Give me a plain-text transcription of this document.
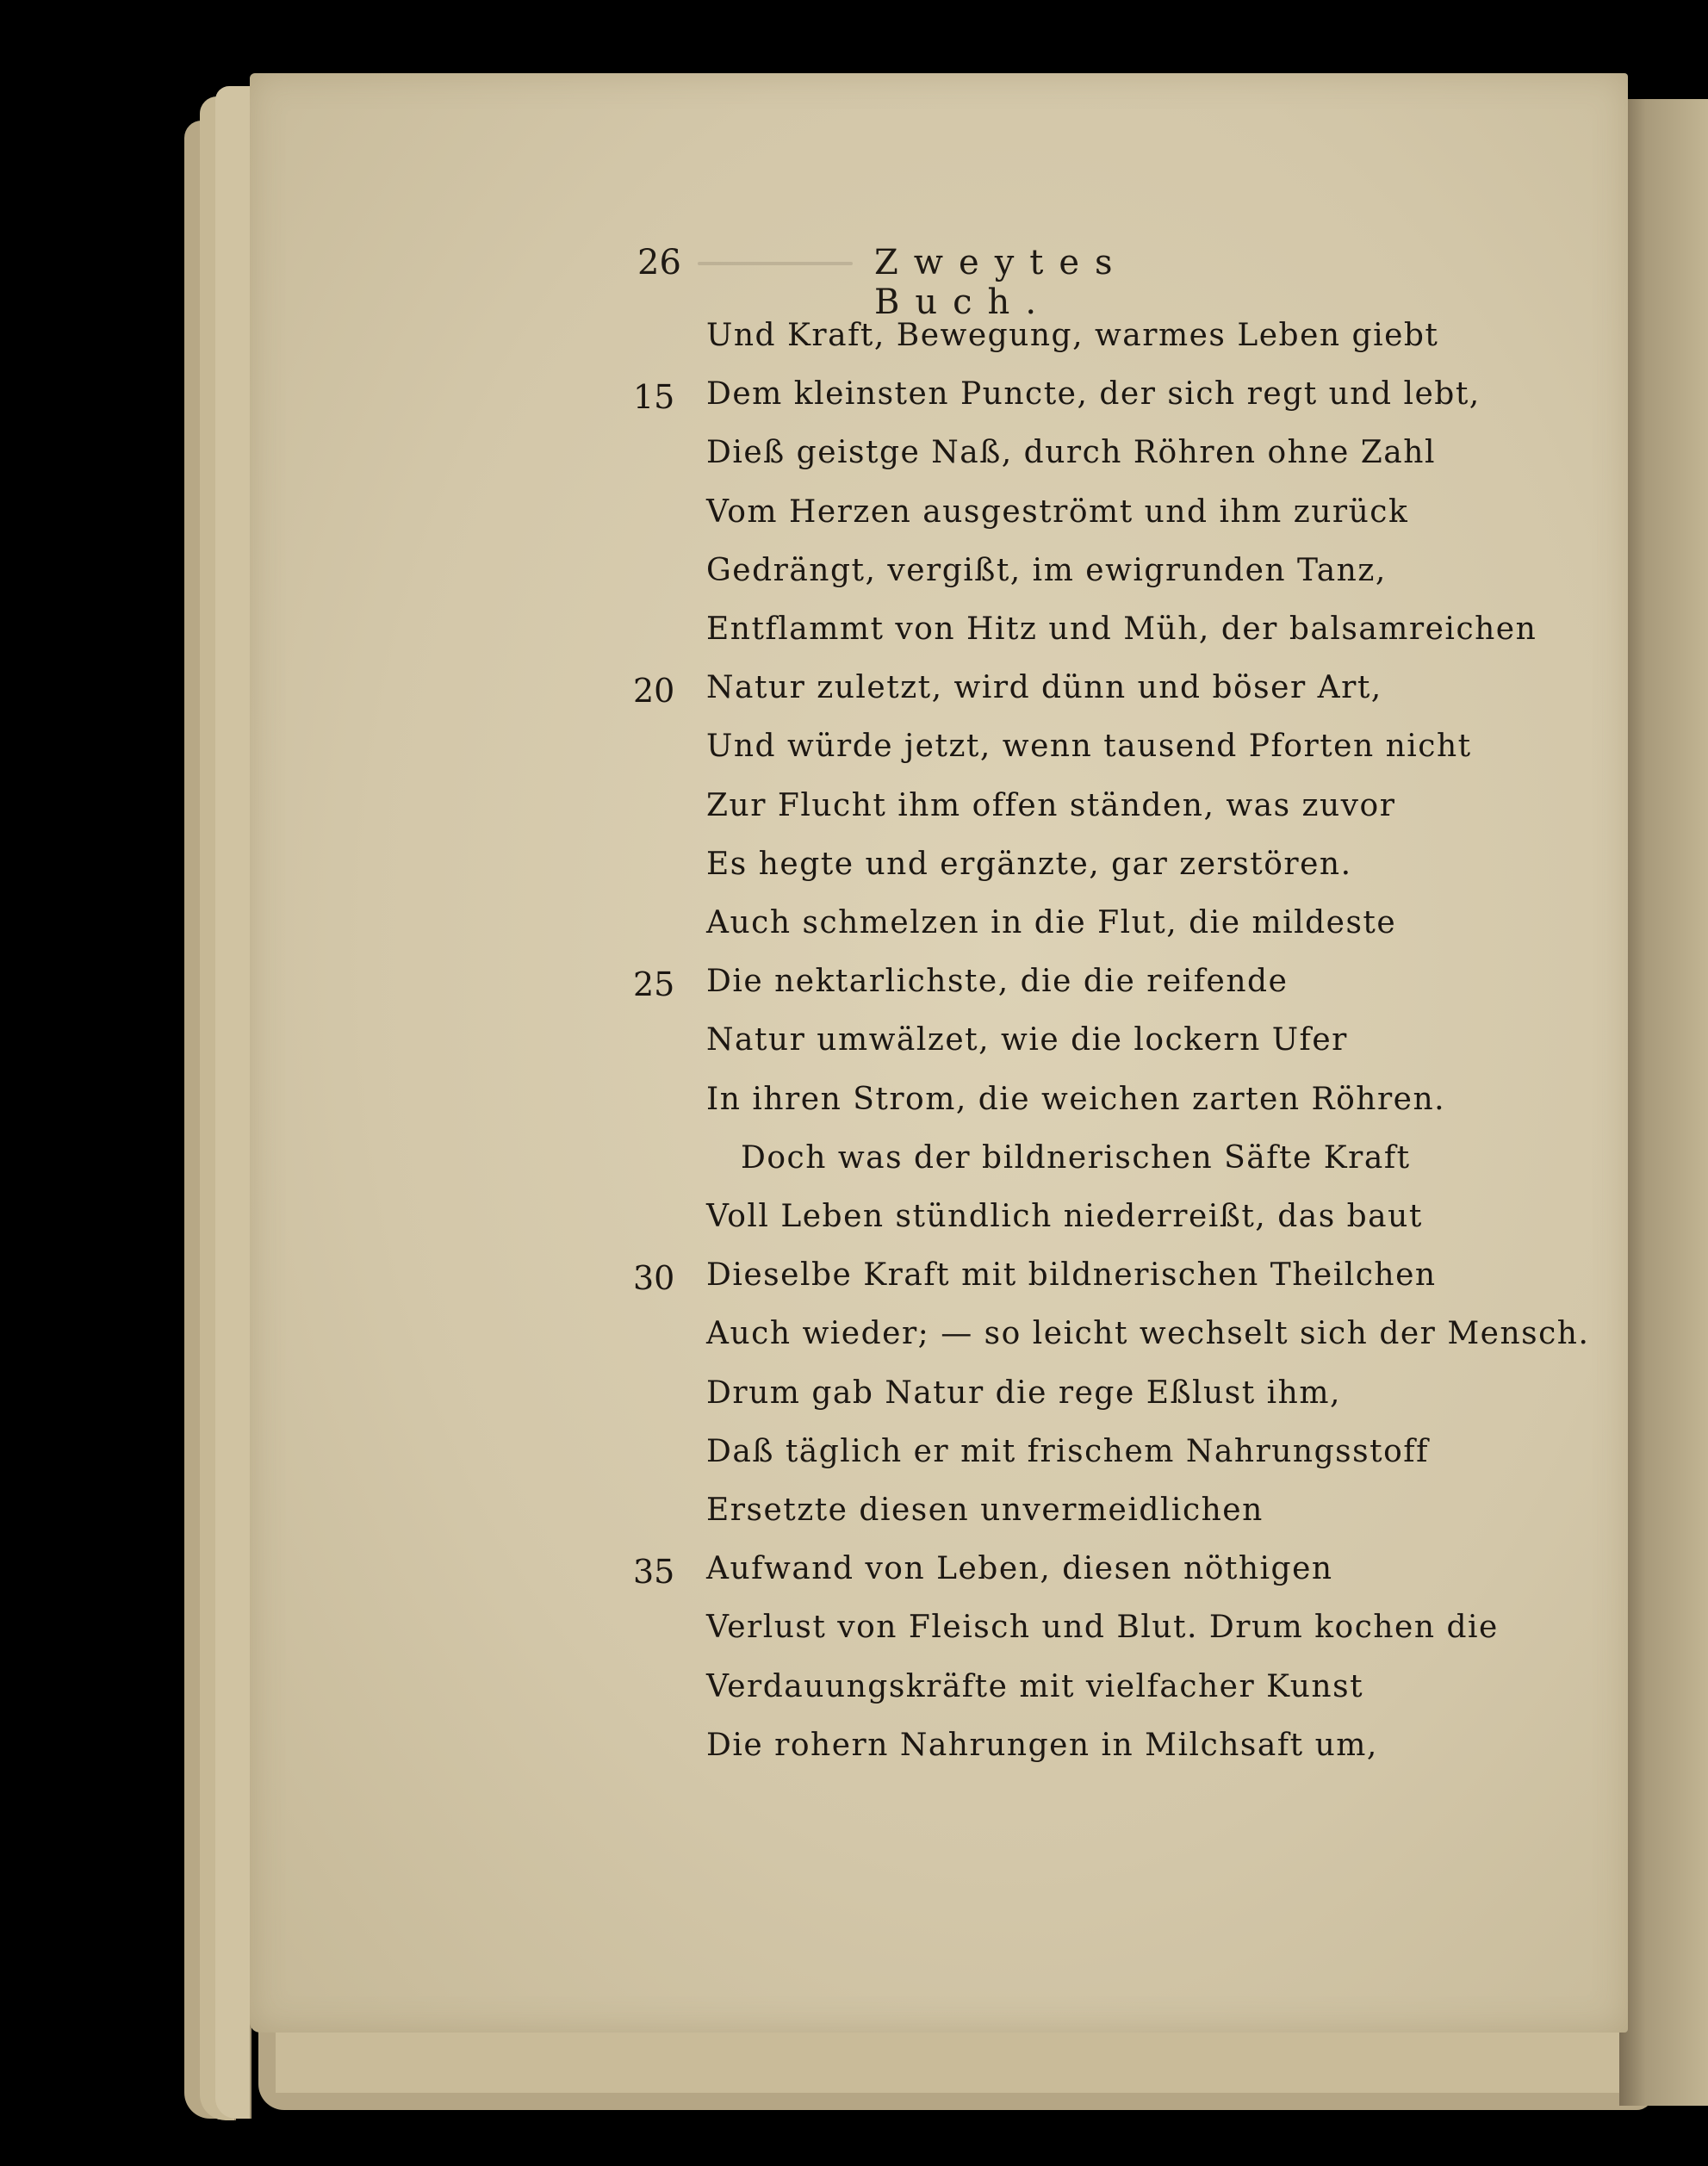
26	Zweytes Buch.
Und Kraft, Bewegung, warmes Leben giebt
Dem kleinsten Puncte, der sich regt und lebt,
15
Dieß geistge Naß, durch Röhren ohne Zahl
Vom Herzen ausgeströmt und ihm zurück
Gedrängt, vergißt, im ewigrunden Tanz,
Entflammt von Hitz und Müh, der balsamreichen
Natur zuletzt, wird dünn und böser Art,
20
Und würde jetzt, wenn tausend Pforten nicht
Zur Flucht ihm offen ständen, was zuvor
Es hegte und ergänzte, gar zerstören.
Auch schmelzen in die Flut, die mildeste
Die nektarlichste, die die reifende
25
Natur umwälzet, wie die lockern Ufer
In ihren Strom, die weichen zarten Röhren.
Doch was der bildnerischen Säfte Kraft
Voll Leben stündlich niederreißt, das baut
Dieselbe Kraft mit bildnerischen Theilchen
30
Auch wieder; — so leicht wechselt sich der Mensch.
Drum gab Natur die rege Eßlust ihm,
Daß täglich er mit frischem Nahrungsstoff
Ersetzte diesen unvermeidlichen
Aufwand von Leben, diesen nöthigen
35
Verlust von Fleisch und Blut. Drum kochen die
Verdauungskräfte mit vielfacher Kunst
Die rohern Nahrungen in Milchsaft um,
